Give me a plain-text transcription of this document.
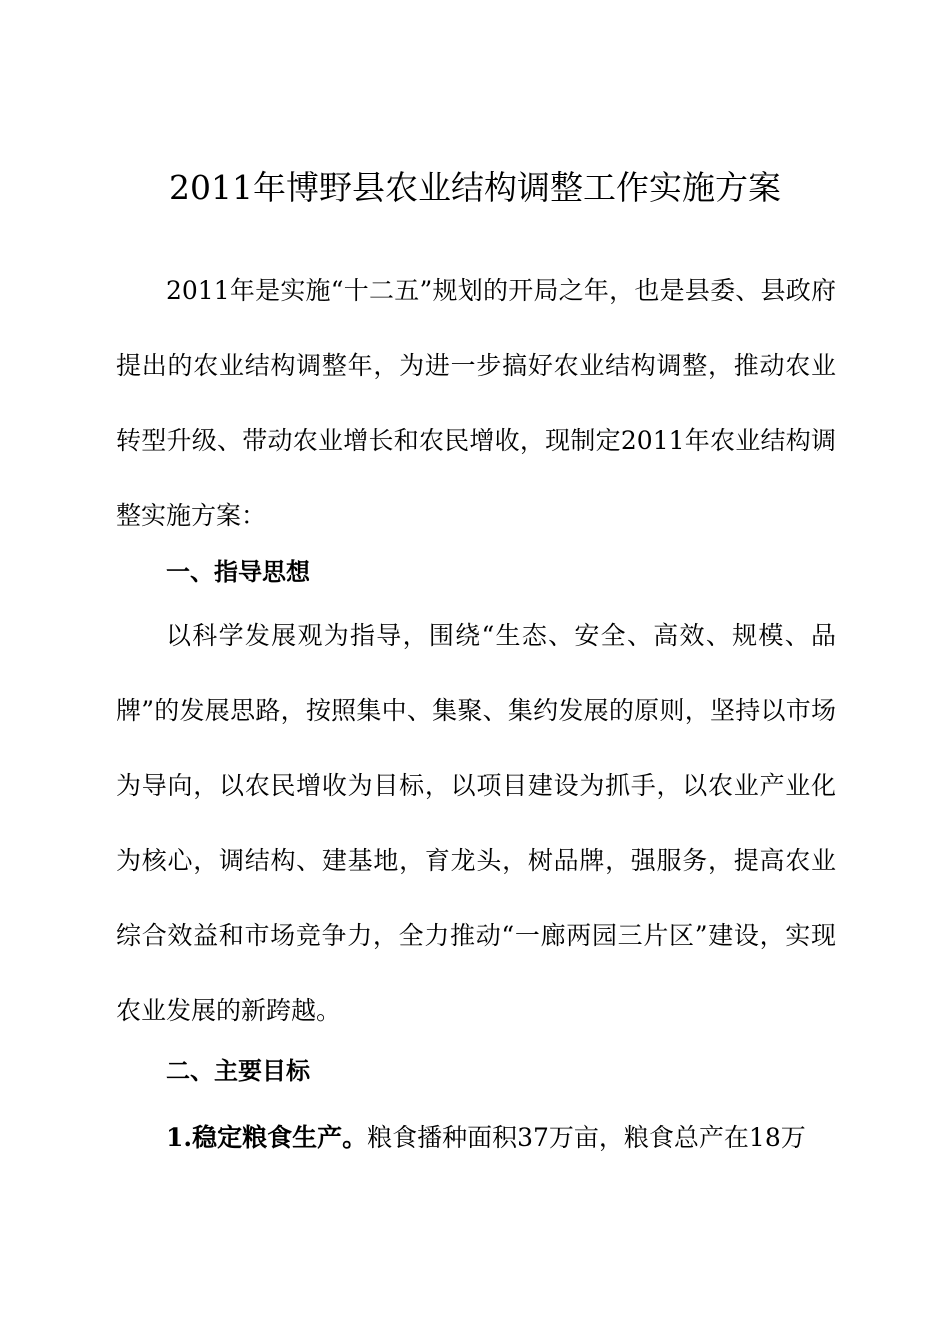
2011年博野县农业结构调整工作实施方案

2011年是实施“十二五”规划的开局之年，也是县委、县政府提出的农业结构调整年，为进一步搞好农业结构调整，推动农业转型升级、带动农业增长和农民增收，现制定2011年农业结构调整实施方案：

一、指导思想

以科学发展观为指导，围绕“生态、安全、高效、规模、品牌”的发展思路，按照集中、集聚、集约发展的原则，坚持以市场为导向，以农民增收为目标，以项目建设为抓手，以农业产业化为核心，调结构、建基地，育龙头，树品牌，强服务，提高农业综合效益和市场竞争力，全力推动“一廊两园三片区”建设，实现农业发展的新跨越。

二、主要目标

1.稳定粮食生产。粮食播种面积37万亩，粮食总产在18万
